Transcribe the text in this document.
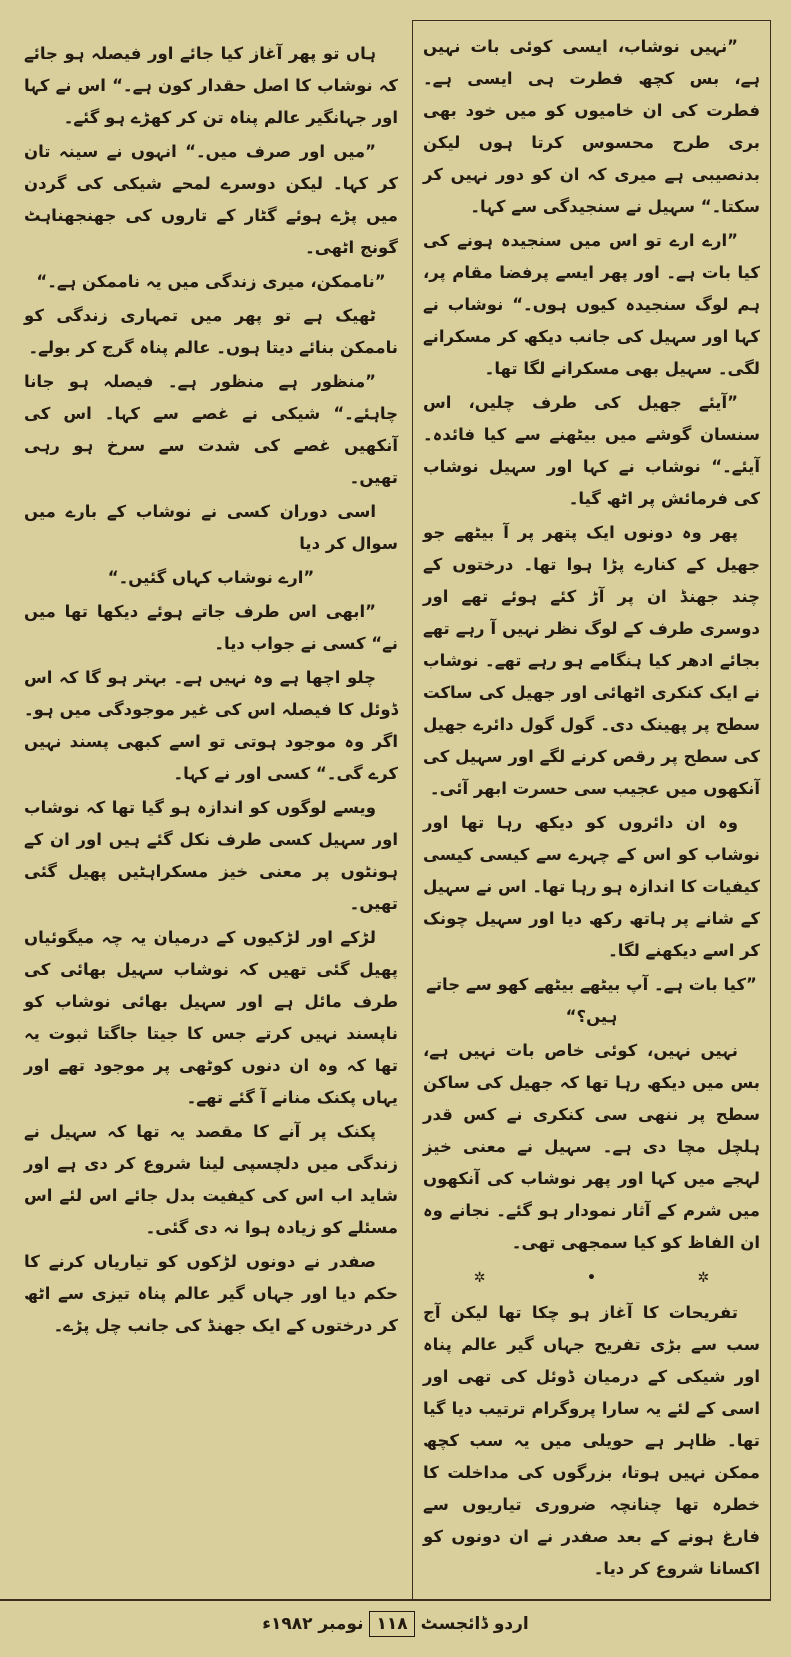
ہاں تو پھر آغاز کیا جائے اور فیصلہ ہو جائے کہ نوشاب کا اصل حقدار کون ہے۔“ اس نے کہا اور جہانگیر عالم پناہ تن کر کھڑے ہو گئے۔

”میں اور صرف میں۔“ انہوں نے سینہ تان کر کہا۔ لیکن دوسرے لمحے شیکی کی گردن میں پڑے ہوئے گٹار کے تاروں کی جھنجھناہٹ گونج اٹھی۔

”ناممکن، میری زندگی میں یہ ناممکن ہے۔“

ٹھیک ہے تو پھر میں تمہاری زندگی کو ناممکن بنائے دیتا ہوں۔ عالم پناہ گرج کر بولے۔

”منظور ہے منظور ہے۔ فیصلہ ہو جانا چاہئے۔“ شیکی نے غصے سے کہا۔ اس کی آنکھیں غصے کی شدت سے سرخ ہو رہی تھیں۔

اسی دوران کسی نے نوشاب کے بارے میں سوال کر دیا

”ارے نوشاب کہاں گئیں۔“

”ابھی اس طرف جاتے ہوئے دیکھا تھا میں نے“ کسی نے جواب دیا۔

چلو اچھا ہے وہ نہیں ہے۔ بہتر ہو گا کہ اس ڈوئل کا فیصلہ اس کی غیر موجودگی میں ہو۔ اگر وہ موجود ہوتی تو اسے کبھی پسند نہیں کرے گی۔“ کسی اور نے کہا۔

ویسے لوگوں کو اندازہ ہو گیا تھا کہ نوشاب اور سہیل کسی طرف نکل گئے ہیں اور ان کے ہونٹوں پر معنی خیز مسکراہٹیں پھیل گئی تھیں۔

لڑکے اور لڑکیوں کے درمیان یہ چہ میگوئیاں پھیل گئی تھیں کہ نوشاب سہیل بھائی کی طرف مائل ہے اور سہیل بھائی نوشاب کو ناپسند نہیں کرتے جس کا جیتا جاگتا ثبوت یہ تھا کہ وہ ان دنوں کوٹھی پر موجود تھے اور یہاں پکنک منانے آ گئے تھے۔

پکنک پر آنے کا مقصد یہ تھا کہ سہیل نے زندگی میں دلچسپی لینا شروع کر دی ہے اور شاید اب اس کی کیفیت بدل جائے اس لئے اس مسئلے کو زیادہ ہوا نہ دی گئی۔

صفدر نے دونوں لڑکوں کو تیاریاں کرنے کا حکم دیا اور جہاں گیر عالم پناہ تیزی سے اٹھ کر درختوں کے ایک جھنڈ کی جانب چل پڑے۔

”نہیں نوشاب، ایسی کوئی بات نہیں ہے، بس کچھ فطرت ہی ایسی ہے۔ فطرت کی ان خامیوں کو میں خود بھی بری طرح محسوس کرتا ہوں لیکن بدنصیبی ہے میری کہ ان کو دور نہیں کر سکتا۔“ سہیل نے سنجیدگی سے کہا۔

”ارے ارے تو اس میں سنجیدہ ہونے کی کیا بات ہے۔ اور پھر ایسے پرفضا مقام پر، ہم لوگ سنجیدہ کیوں ہوں۔“ نوشاب نے کہا اور سہیل کی جانب دیکھ کر مسکرانے لگی۔ سہیل بھی مسکرانے لگا تھا۔

”آیئے جھیل کی طرف چلیں، اس سنسان گوشے میں بیٹھنے سے کیا فائدہ۔ آیئے۔“ نوشاب نے کہا اور سہیل نوشاب کی فرمائش پر اٹھ گیا۔

پھر وہ دونوں ایک پتھر پر آ بیٹھے جو جھیل کے کنارے پڑا ہوا تھا۔ درختوں کے چند جھنڈ ان پر آڑ کئے ہوئے تھے اور دوسری طرف کے لوگ نظر نہیں آ رہے تھے بجائے ادھر کیا ہنگامے ہو رہے تھے۔ نوشاب نے ایک کنکری اٹھائی اور جھیل کی ساکت سطح پر پھینک دی۔ گول گول دائرے جھیل کی سطح پر رقص کرنے لگے اور سہیل کی آنکھوں میں عجیب سی حسرت ابھر آئی۔

وہ ان دائروں کو دیکھ رہا تھا اور نوشاب کو اس کے چہرے سے کیسی کیسی کیفیات کا اندازہ ہو رہا تھا۔ اس نے سہیل کے شانے پر ہاتھ رکھ دیا اور سہیل چونک کر اسے دیکھنے لگا۔

”کیا بات ہے۔ آپ بیٹھے بیٹھے کھو سے جاتے ہیں؟“

نہیں نہیں، کوئی خاص بات نہیں ہے، بس میں دیکھ رہا تھا کہ جھیل کی ساکن سطح پر ننھی سی کنکری نے کس قدر ہلچل مچا دی ہے۔ سہیل نے معنی خیز لہجے میں کہا اور پھر نوشاب کی آنکھوں میں شرم کے آثار نمودار ہو گئے۔ نجانے وہ ان الفاظ کو کیا سمجھی تھی۔

✲	•	✲

تفریحات کا آغاز ہو چکا تھا لیکن آج سب سے بڑی تفریح جہاں گیر عالم پناہ اور شیکی کے درمیان ڈوئل کی تھی اور اسی کے لئے یہ سارا پروگرام ترتیب دیا گیا تھا۔ ظاہر ہے حویلی میں یہ سب کچھ ممکن نہیں ہوتا، بزرگوں کی مداخلت کا خطرہ تھا چنانچہ ضروری تیاریوں سے فارغ ہونے کے بعد صفدر نے ان دونوں کو اکسانا شروع کر دیا۔

اردو ڈائجسٹ
۱۱۸
نومبر ۱۹۸۲ء
